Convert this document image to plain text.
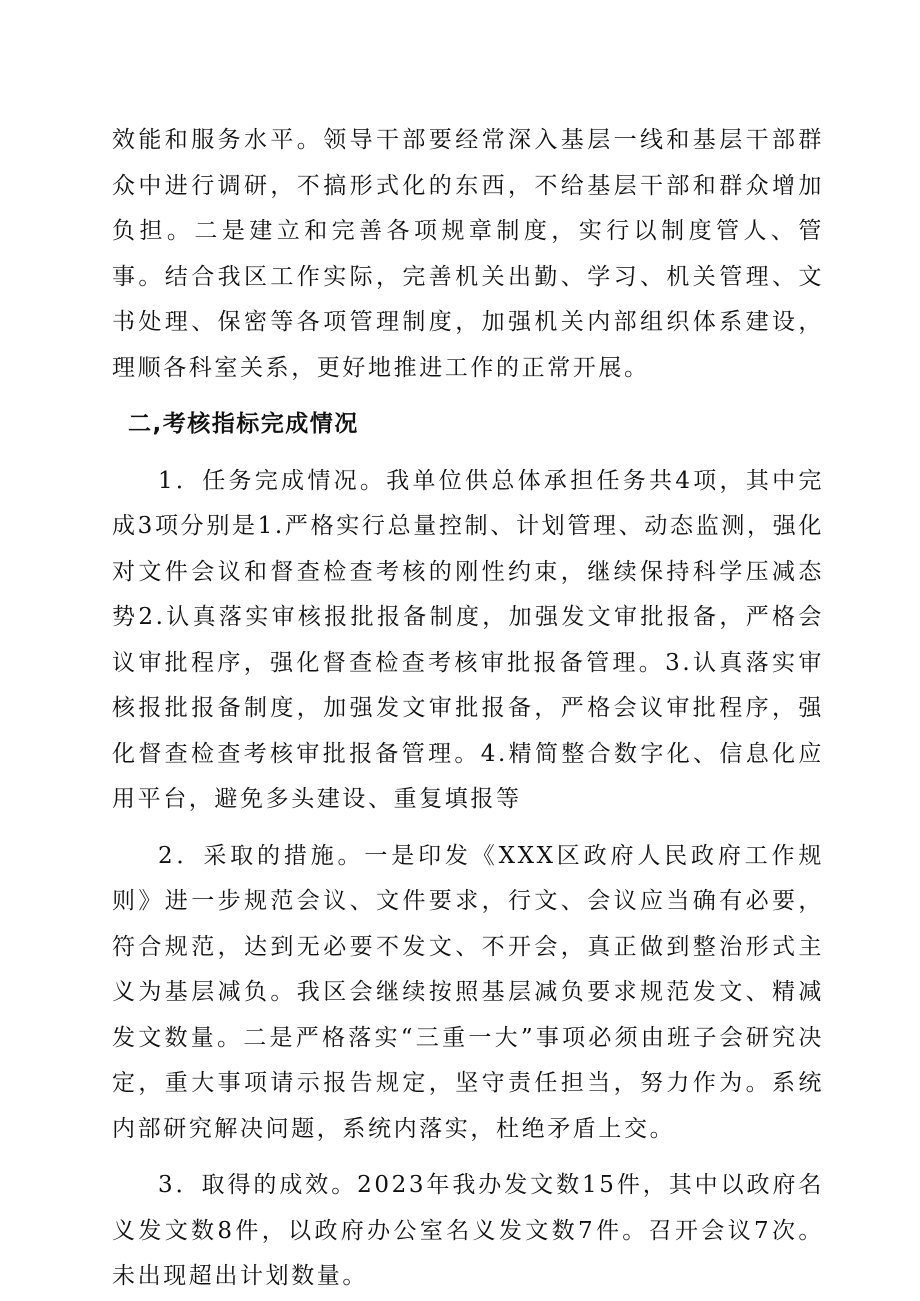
效能和服务水平。领导干部要经常深入基层一线和基层干部群众中进行调研，不搞形式化的东西，不给基层干部和群众增加负担。二是建立和完善各项规章制度，实行以制度管人、管事。结合我区工作实际，完善机关出勤、学习、机关管理、文书处理、保密等各项管理制度，加强机关内部组织体系建设，理顺各科室关系，更好地推进工作的正常开展。

二,考核指标完成情况

1．任务完成情况。我单位供总体承担任务共4项，其中完成3项分别是1.严格实行总量控制、计划管理、动态监测，强化对文件会议和督查检查考核的刚性约束，继续保持科学压减态势2.认真落实审核报批报备制度，加强发文审批报备，严格会议审批程序，强化督查检查考核审批报备管理。3.认真落实审核报批报备制度，加强发文审批报备，严格会议审批程序，强化督查检查考核审批报备管理。4.精简整合数字化、信息化应用平台，避免多头建设、重复填报等

2．采取的措施。一是印发《XXX区政府人民政府工作规则》进一步规范会议、文件要求，行文、会议应当确有必要，符合规范，达到无必要不发文、不开会，真正做到整治形式主义为基层减负。我区会继续按照基层减负要求规范发文、精减发文数量。二是严格落实“三重一大”事项必须由班子会研究决定，重大事项请示报告规定，坚守责任担当，努力作为。系统内部研究解决问题，系统内落实，杜绝矛盾上交。

3．取得的成效。2023年我办发文数15件，其中以政府名义发文数8件，以政府办公室名义发文数7件。召开会议7次。未出现超出计划数量。
